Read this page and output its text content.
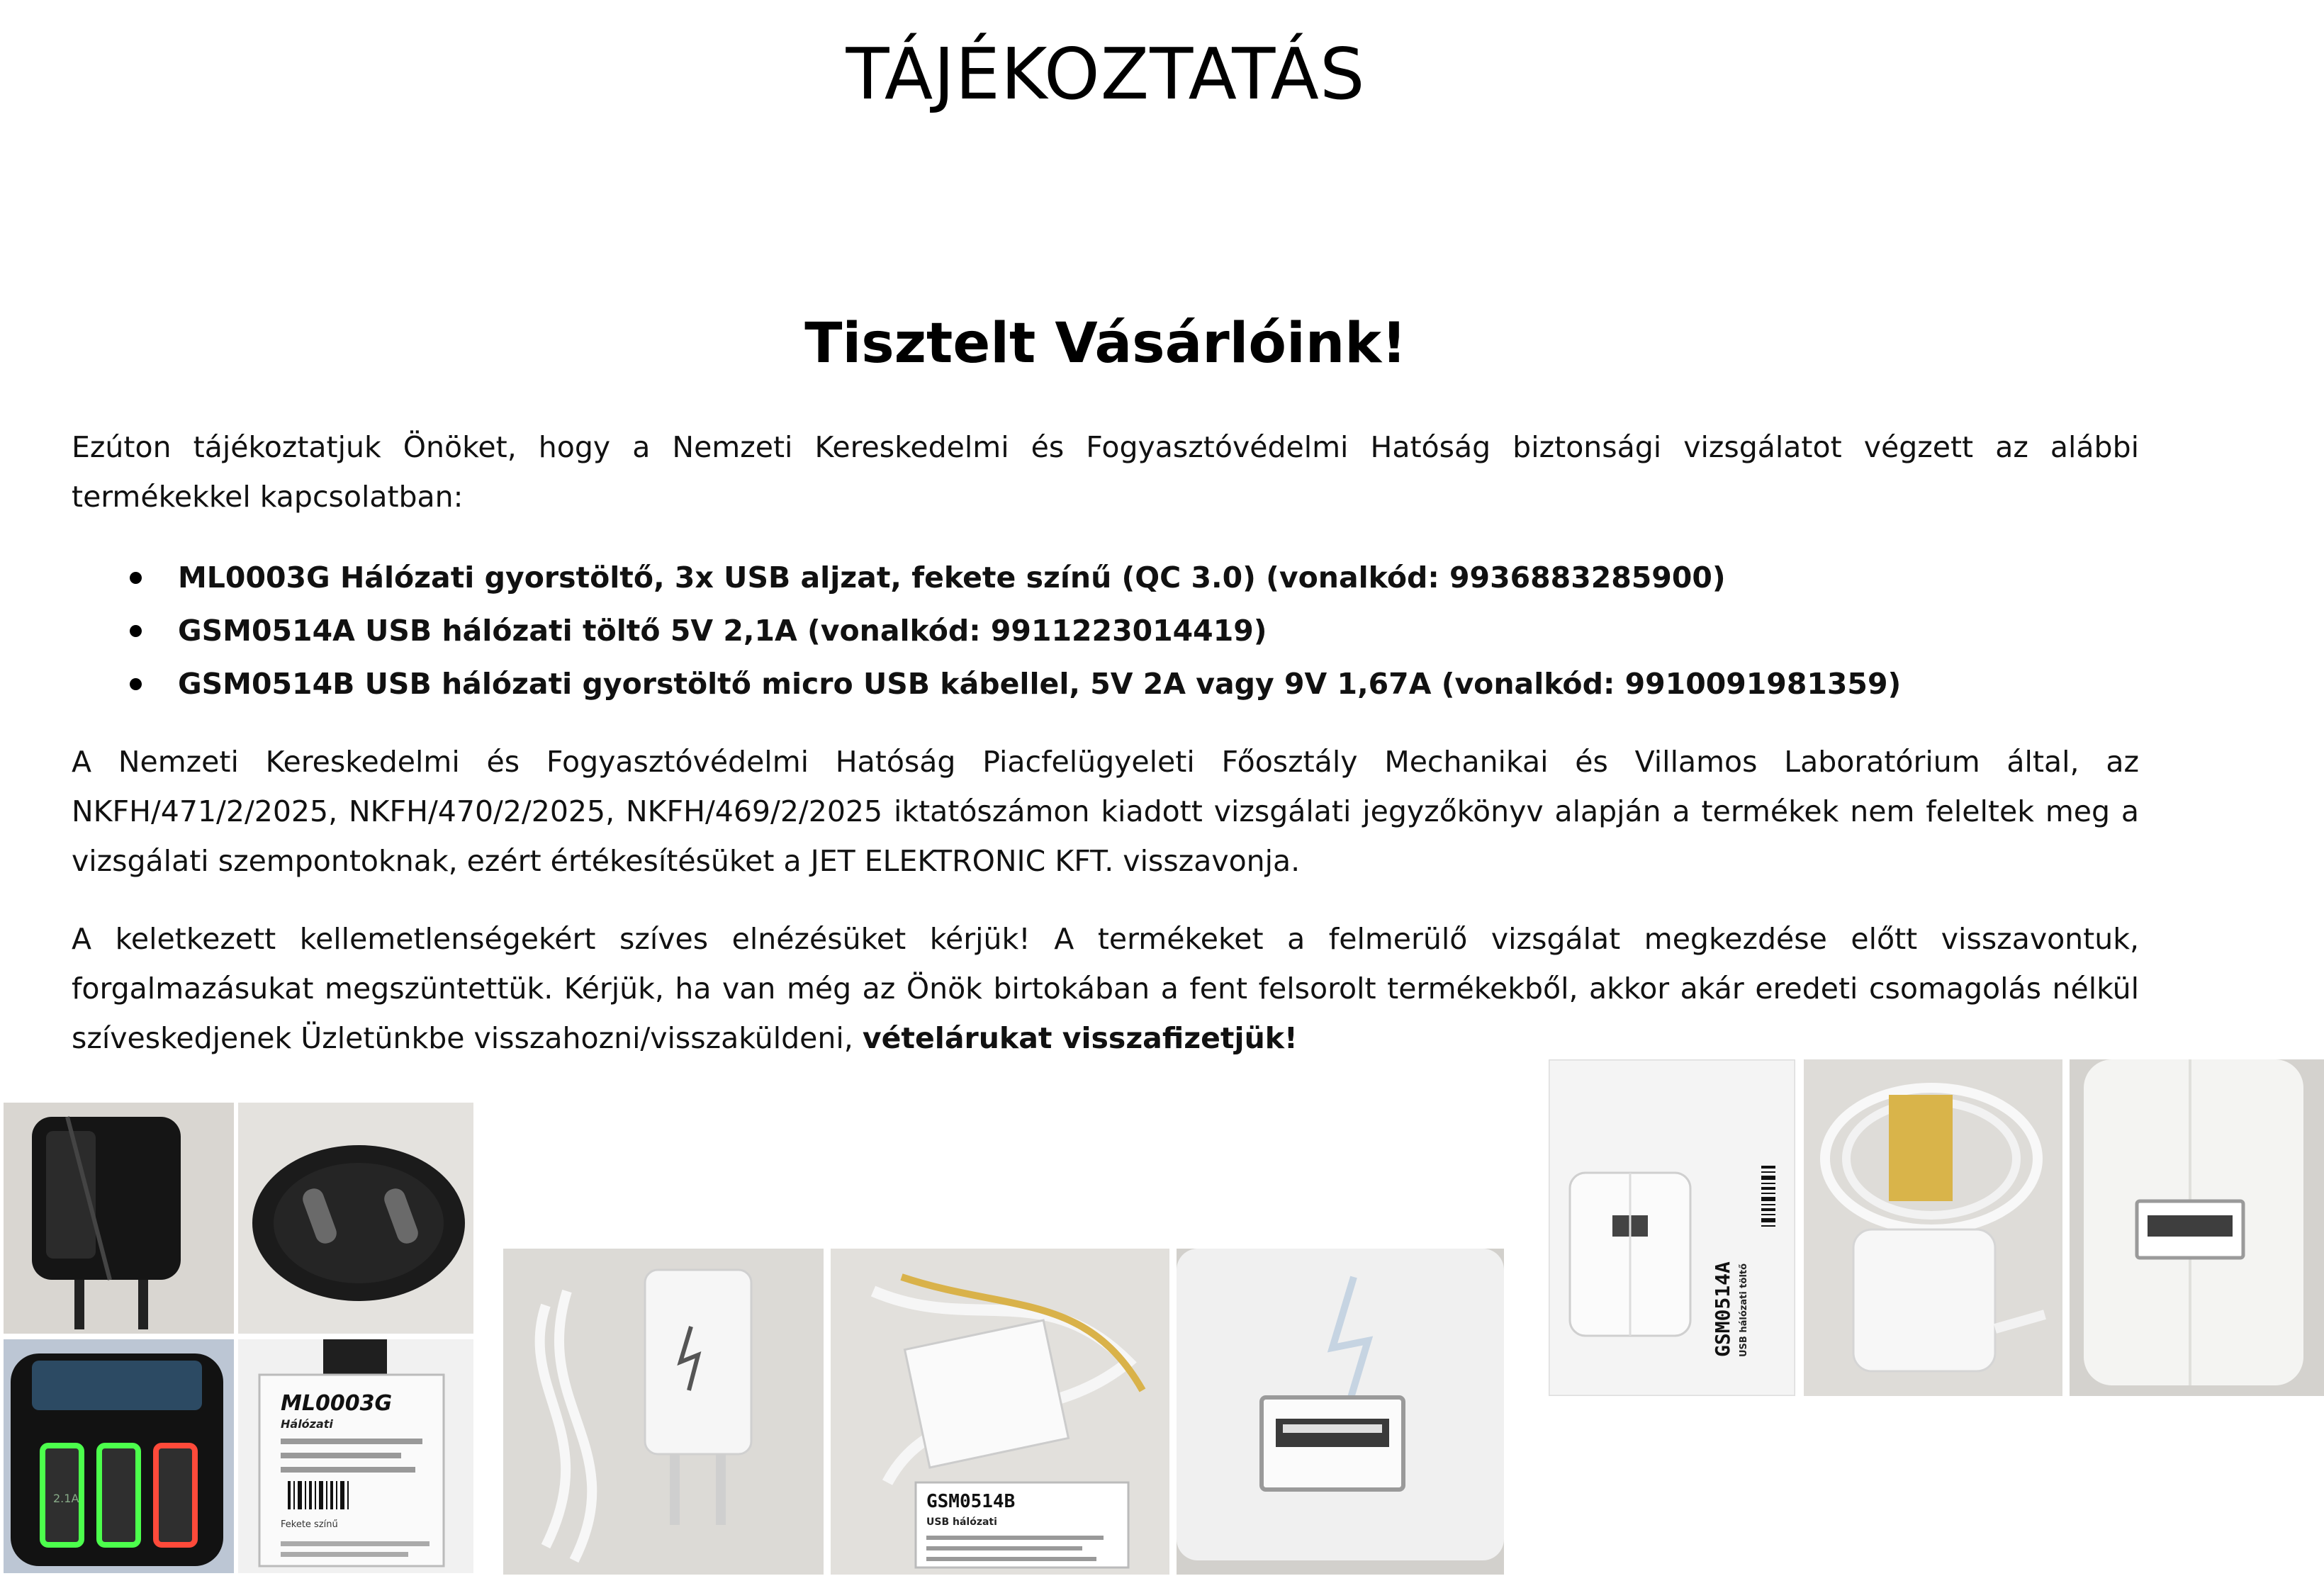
TÁJÉKOZTATÁS
Tisztelt Vásárlóink!

Ezúton tájékoztatjuk Önöket, hogy a Nemzeti Kereskedelmi és Fogyasztóvédelmi Hatóság biztonsági vizsgálatot végzett az alábbi termékekkel kapcsolatban:

ML0003G Hálózati gyorstöltő, 3x USB aljzat, fekete színű (QC 3.0) (vonalkód: 9936883285900)
GSM0514A USB hálózati töltő 5V 2,1A (vonalkód: 9911223014419)
GSM0514B USB hálózati gyorstöltő micro USB kábellel, 5V 2A vagy 9V 1,67A (vonalkód: 9910091981359)

A Nemzeti Kereskedelmi és Fogyasztóvédelmi Hatóság Piacfelügyeleti Főosztály Mechanikai és Villamos Laboratórium által, az NKFH/471/2/2025, NKFH/470/2/2025, NKFH/469/2/2025 iktatószámon kiadott vizsgálati jegyzőkönyv alapján a termékek nem feleltek meg a vizsgálati szempontoknak, ezért értékesítésüket a JET ELEKTRONIC KFT. visszavonja.

A keletkezett kellemetlenségekért szíves elnézésüket kérjük! A termékeket a felmerülő vizsgálat megkezdése előtt visszavontuk, forgalmazásukat megszüntettük. Kérjük, ha van még az Önök birtokában a fent felsorolt termékekből, akkor akár eredeti csomagolás nélkül szíveskedjenek Üzletünkbe visszahozni/visszaküldeni, vételárukat visszafizetjük!

2.1A
ML0003G
Hálózati
Fekete színű
GSM0514B
USB hálózati
GSM0514A USB hálózati töltő
